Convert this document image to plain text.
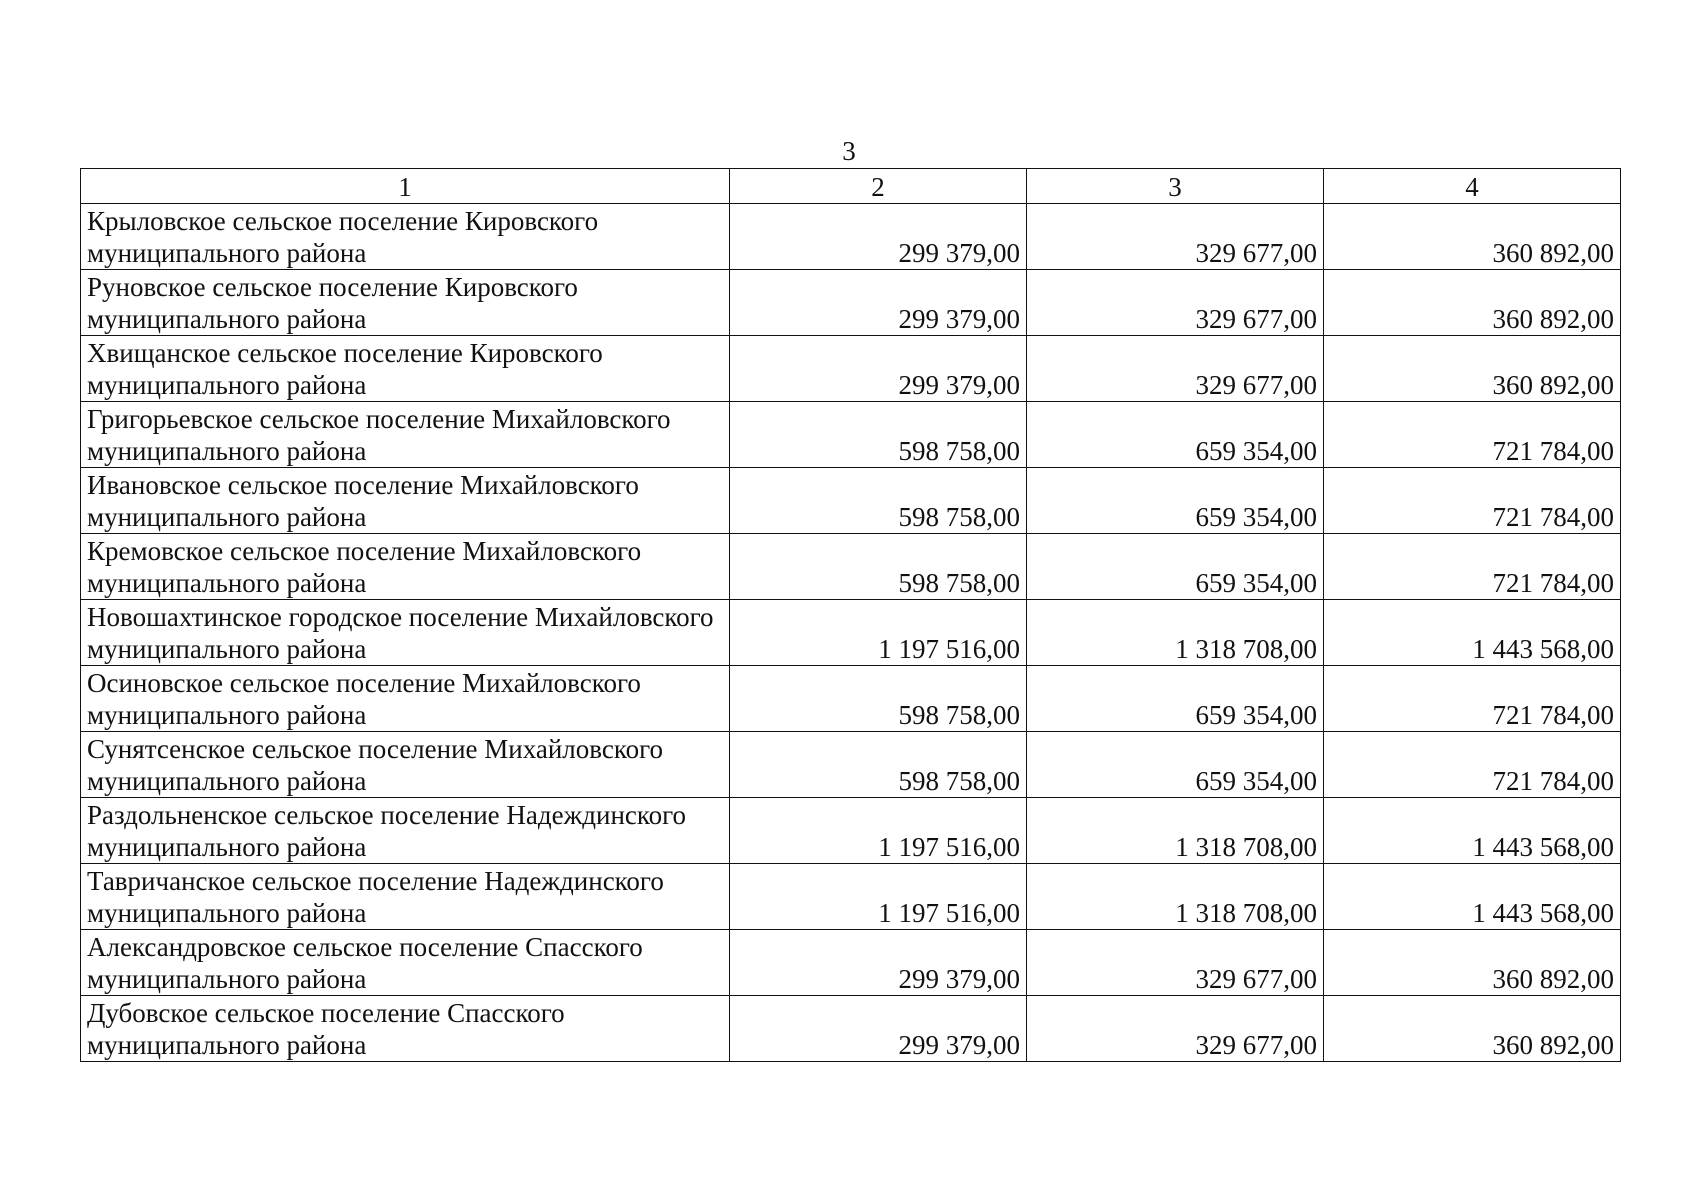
3
1	2	3	4
Крыловское сельское поселение Кировского муниципального района	299 379,00	329 677,00	360 892,00
Руновское сельское поселение Кировского муниципального района	299 379,00	329 677,00	360 892,00
Хвищанское сельское поселение Кировского муниципального района	299 379,00	329 677,00	360 892,00
Григорьевское сельское поселение Михайловского муниципального района	598 758,00	659 354,00	721 784,00
Ивановское сельское поселение Михайловского муниципального района	598 758,00	659 354,00	721 784,00
Кремовское сельское поселение Михайловского муниципального района	598 758,00	659 354,00	721 784,00
Новошахтинское городское поселение Михайловского муниципального района	1 197 516,00	1 318 708,00	1 443 568,00
Осиновское сельское поселение Михайловского муниципального района	598 758,00	659 354,00	721 784,00
Сунятсенское сельское поселение Михайловского муниципального района	598 758,00	659 354,00	721 784,00
Раздольненское сельское поселение Надеждинского муниципального района	1 197 516,00	1 318 708,00	1 443 568,00
Тавричанское сельское поселение Надеждинского муниципального района	1 197 516,00	1 318 708,00	1 443 568,00
Александровское сельское поселение Спасского муниципального района	299 379,00	329 677,00	360 892,00
Дубовское сельское поселение Спасского муниципального района	299 379,00	329 677,00	360 892,00
